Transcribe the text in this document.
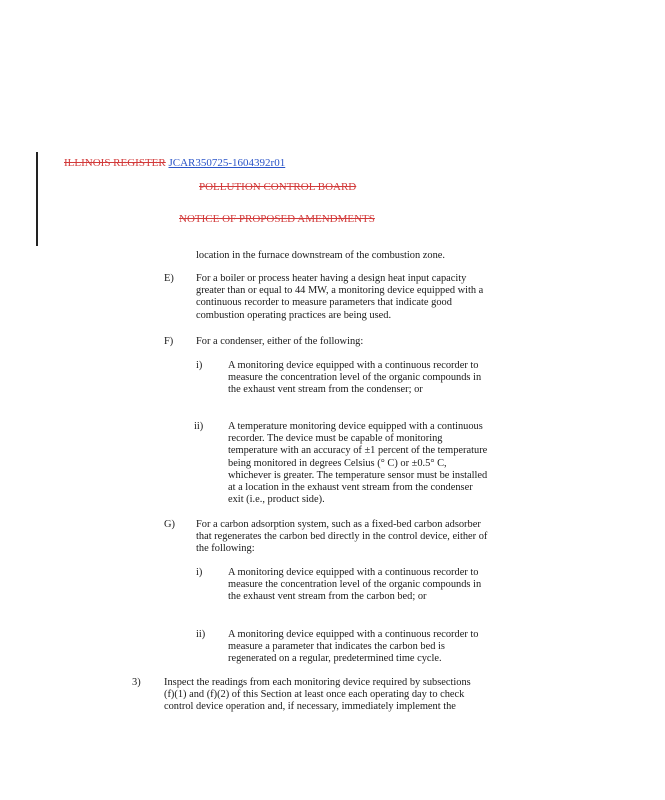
ILLINOIS REGISTER JCAR350725-1604392r01
POLLUTION CONTROL BOARD
NOTICE OF PROPOSED AMENDMENTS

location in the furnace downstream of the combustion zone.

E) For a boiler or process heater having a design heat input capacity greater than or equal to 44 MW, a monitoring device equipped with a continuous recorder to measure parameters that indicate good combustion operating practices are being used.

F) For a condenser, either of the following:

i) A monitoring device equipped with a continuous recorder to measure the concentration level of the organic compounds in the exhaust vent stream from the condenser; or

ii) A temperature monitoring device equipped with a continuous recorder. The device must be capable of monitoring temperature with an accuracy of ±1 percent of the temperature being monitored in degrees Celsius (° C) or ±0.5° C, whichever is greater. The temperature sensor must be installed at a location in the exhaust vent stream from the condenser exit (i.e., product side).

G) For a carbon adsorption system, such as a fixed-bed carbon adsorber that regenerates the carbon bed directly in the control device, either of the following:

i) A monitoring device equipped with a continuous recorder to measure the concentration level of the organic compounds in the exhaust vent stream from the carbon bed; or

ii) A monitoring device equipped with a continuous recorder to measure a parameter that indicates the carbon bed is regenerated on a regular, predetermined time cycle.

3) Inspect the readings from each monitoring device required by subsections (f)(1) and (f)(2) of this Section at least once each operating day to check control device operation and, if necessary, immediately implement the
